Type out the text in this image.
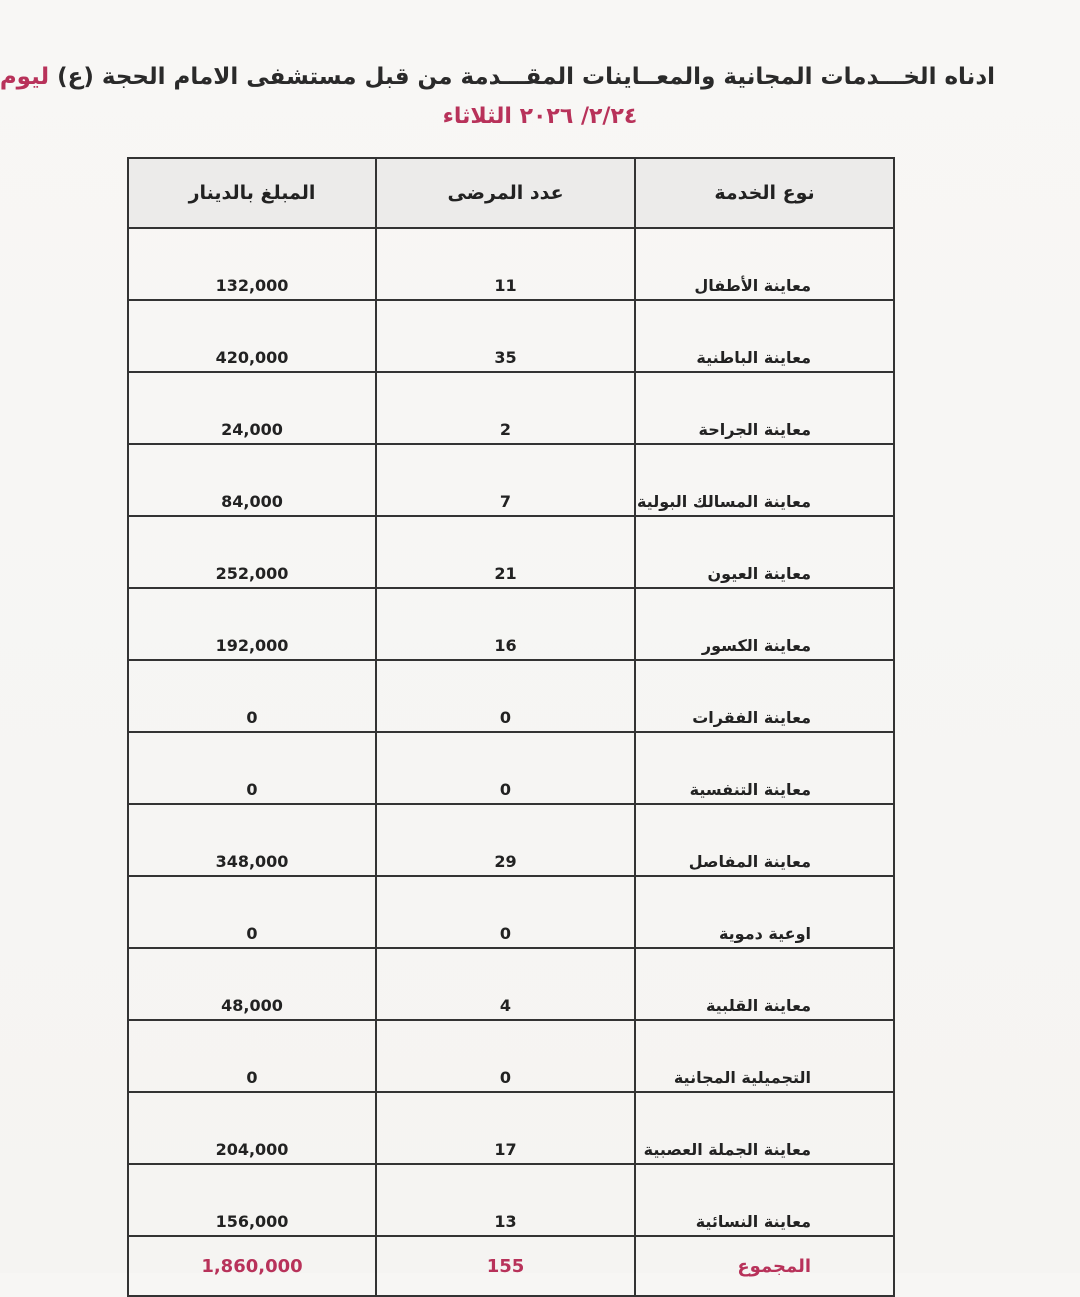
ادناه الخـــدمات المجانية والمعــاينات المقـــدمة من قبل مستشفى الامام الحجة (ع) ليوم
٢/٢٤/ ٢٠٢٦ الثلاثاء
نوع الخدمة	عدد المرضى	المبلغ بالدينار
معاينة الأطفال	11	132,000
معاينة الباطنية	35	420,000
معاينة الجراحة	2	24,000
معاينة المسالك البولية	7	84,000
معاينة العيون	21	252,000
معاينة الكسور	16	192,000
معاينة الفقرات	0	0
معاينة التنفسية	0	0
معاينة المفاصل	29	348,000
اوعية دموية	0	0
معاينة القلبية	4	48,000
التجميلية المجانية	0	0
معاينة الجملة العصبية	17	204,000
معاينة النسائية	13	156,000
المجموع	155	1,860,000
